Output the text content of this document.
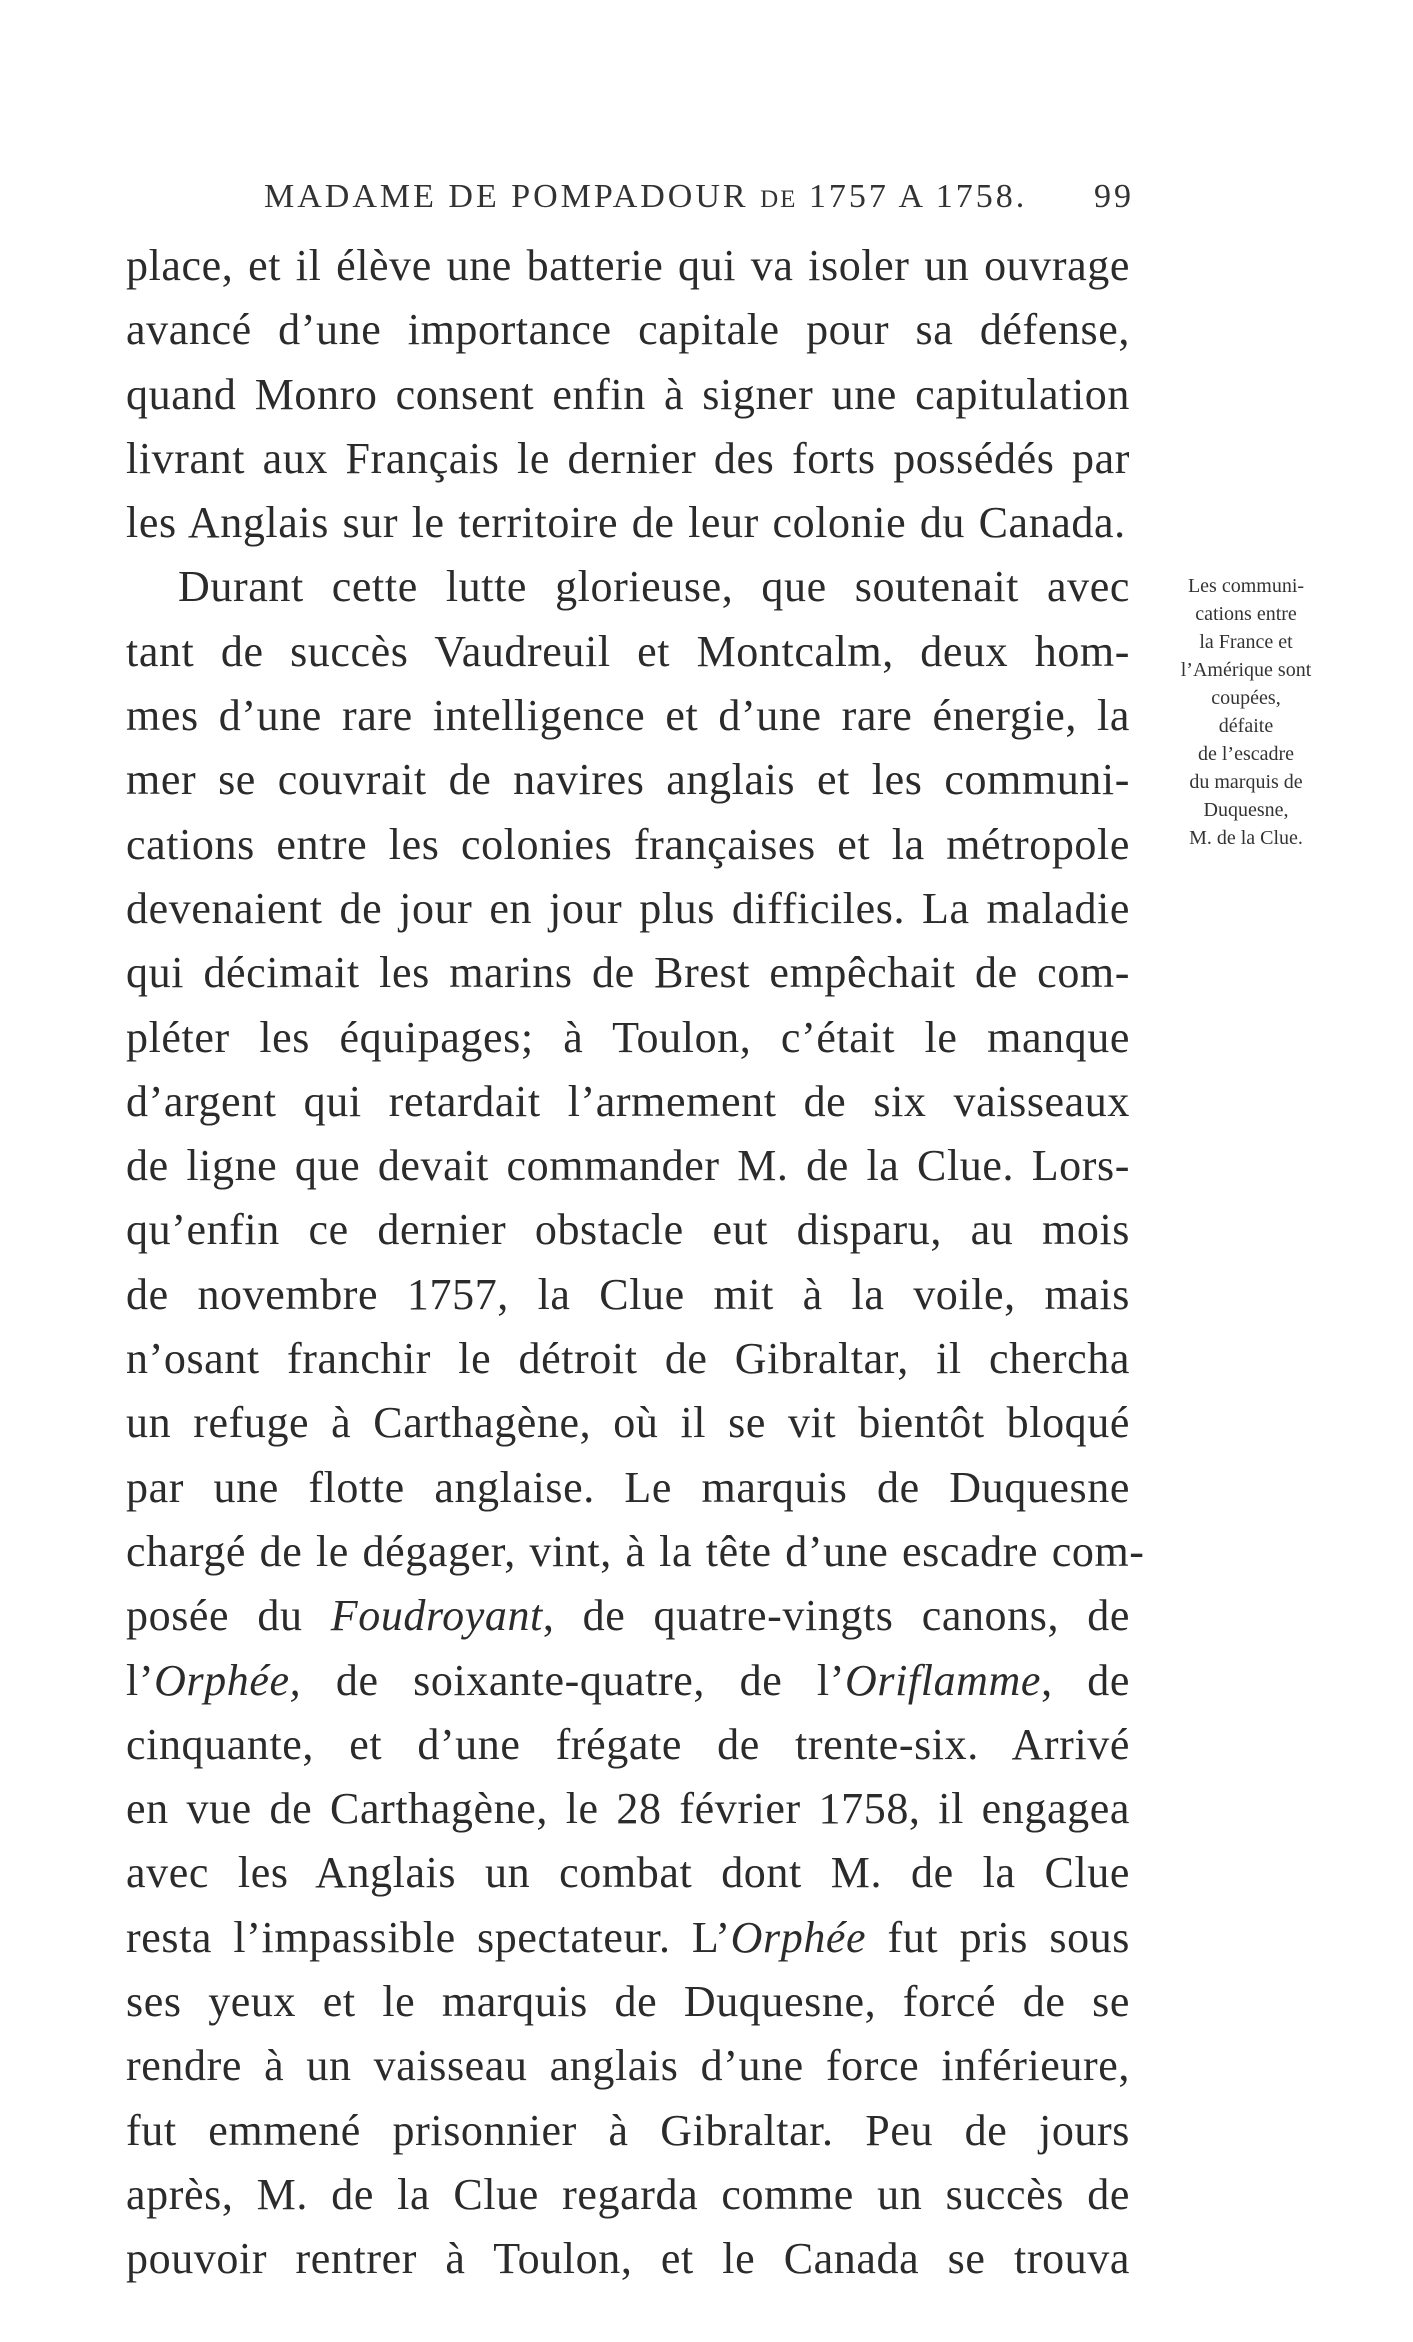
MADAME DE POMPADOUR DE 1757 A 1758. 99
place, et il élève une batterie qui va isoler un ouvrage
avancé d’une importance capitale pour sa défense,
quand Monro consent enfin à signer une capitulation
livrant aux Français le dernier des forts possédés par
les Anglais sur le territoire de leur colonie du Canada.
Durant cette lutte glorieuse, que soutenait avec
tant de succès Vaudreuil et Montcalm, deux hom-
mes d’une rare intelligence et d’une rare énergie, la
mer se couvrait de navires anglais et les communi-
cations entre les colonies françaises et la métropole
devenaient de jour en jour plus difficiles. La maladie
qui décimait les marins de Brest empêchait de com-
pléter les équipages; à Toulon, c’était le manque
d’argent qui retardait l’armement de six vaisseaux
de ligne que devait commander M. de la Clue. Lors-
qu’enfin ce dernier obstacle eut disparu, au mois
de novembre 1757, la Clue mit à la voile, mais
n’osant franchir le détroit de Gibraltar, il chercha
un refuge à Carthagène, où il se vit bientôt bloqué
par une flotte anglaise. Le marquis de Duquesne
chargé de le dégager, vint, à la tête d’une escadre com-
posée du Foudroyant, de quatre-vingts canons, de
l’Orphée, de soixante-quatre, de l’Oriflamme, de
cinquante, et d’une frégate de trente-six. Arrivé
en vue de Carthagène, le 28 février 1758, il engagea
avec les Anglais un combat dont M. de la Clue
resta l’impassible spectateur. L’Orphée fut pris sous
ses yeux et le marquis de Duquesne, forcé de se
rendre à un vaisseau anglais d’une force inférieure,
fut emmené prisonnier à Gibraltar. Peu de jours
après, M. de la Clue regarda comme un succès de
pouvoir rentrer à Toulon, et le Canada se trouva
Les communi-
cations entre
la France et
l’Amérique sont
coupées,
défaite
de l’escadre
du marquis de
Duquesne,
M. de la Clue.
